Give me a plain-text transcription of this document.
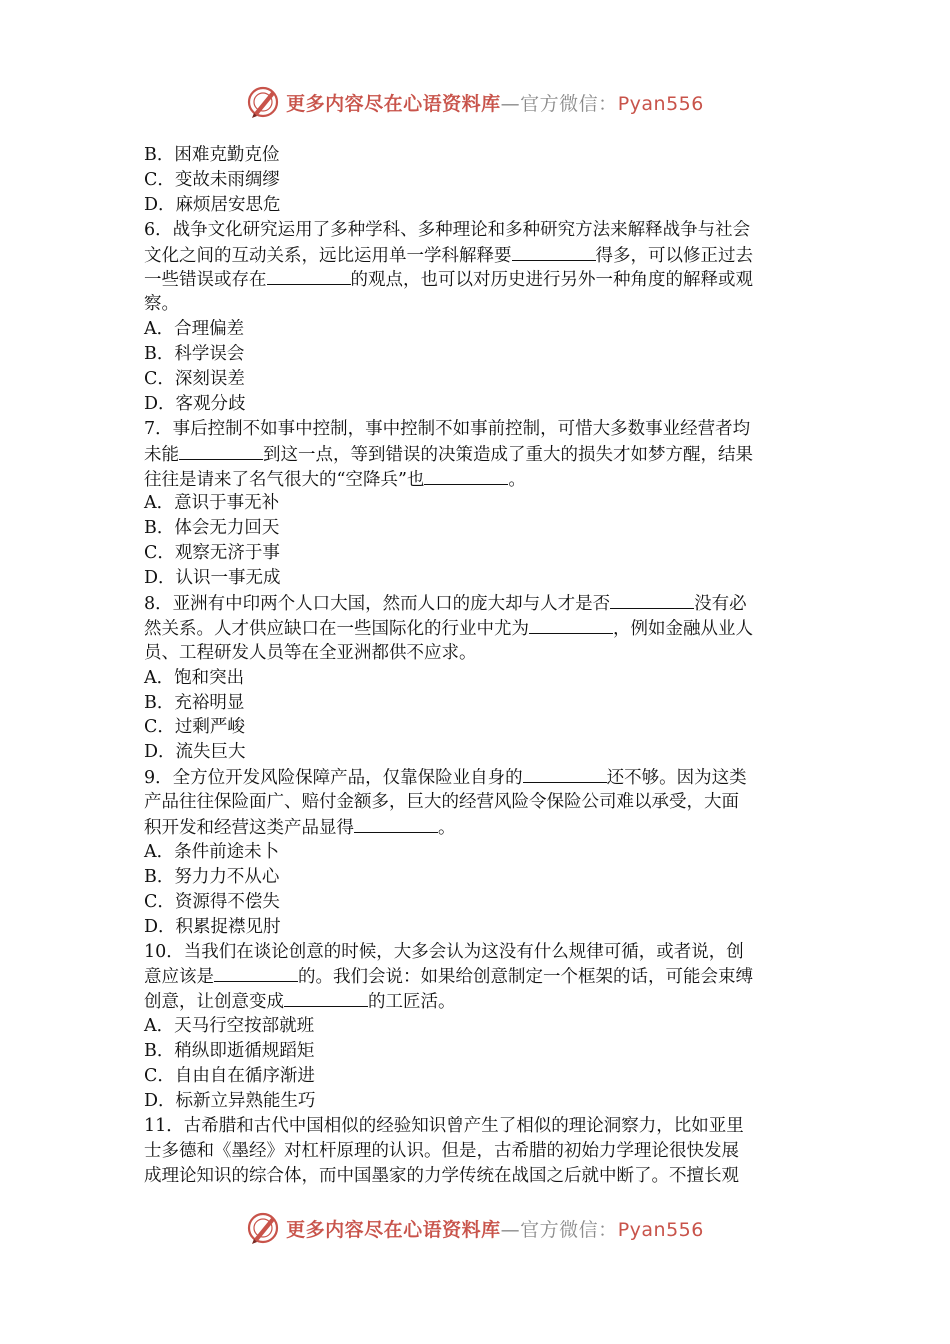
更多内容尽在心语资料库—官方微信：Pyan556
B．困难克勤克俭
C．变故未雨绸缪
D．麻烦居安思危
6．战争文化研究运用了多种学科、多种理论和多种研究方法来解释战争与社会
文化之间的互动关系，远比运用单一学科解释要	得多，可以修正过去
一些错误或存在	的观点，也可以对历史进行另外一种角度的解释或观
察。
A．合理偏差
B．科学误会
C．深刻误差
D．客观分歧
7．事后控制不如事中控制，事中控制不如事前控制，可惜大多数事业经营者均
未能	到这一点，等到错误的决策造成了重大的损失才如梦方醒，结果
往往是请来了名气很大的“空降兵”也	。
A．意识于事无补
B．体会无力回天
C．观察无济于事
D．认识一事无成
8．亚洲有中印两个人口大国，然而人口的庞大却与人才是否	没有必
然关系。人才供应缺口在一些国际化的行业中尤为	，例如金融从业人
员、工程研发人员等在全亚洲都供不应求。
A．饱和突出
B．充裕明显
C．过剩严峻
D．流失巨大
9．全方位开发风险保障产品，仅靠保险业自身的	还不够。因为这类
产品往往保险面广、赔付金额多，巨大的经营风险令保险公司难以承受，大面
积开发和经营这类产品显得	。
A．条件前途未卜
B．努力力不从心
C．资源得不偿失
D．积累捉襟见肘
10．当我们在谈论创意的时候，大多会认为这没有什么规律可循，或者说，创
意应该是	的。我们会说：如果给创意制定一个框架的话，可能会束缚
创意，让创意变成	的工匠活。
A．天马行空按部就班
B．稍纵即逝循规蹈矩
C．自由自在循序渐进
D．标新立异熟能生巧
11．古希腊和古代中国相似的经验知识曾产生了相似的理论洞察力，比如亚里
士多德和《墨经》对杠杆原理的认识。但是，古希腊的初始力学理论很快发展
成理论知识的综合体，而中国墨家的力学传统在战国之后就中断了。不擅长观
更多内容尽在心语资料库—官方微信：Pyan556
